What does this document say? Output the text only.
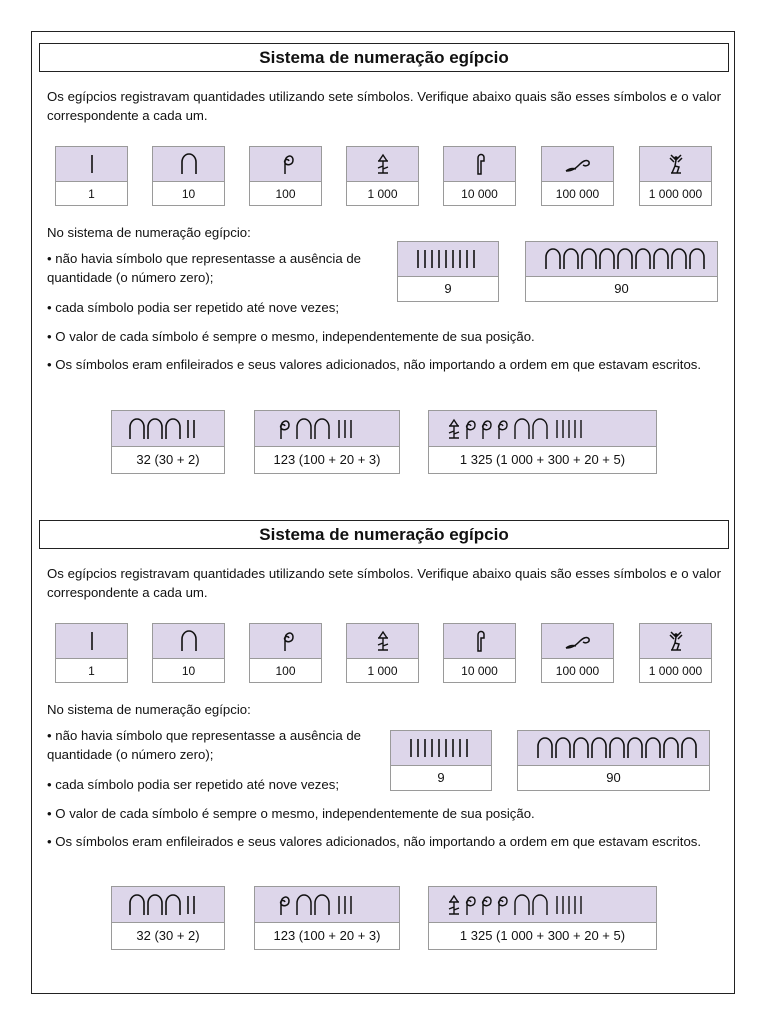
Sistema de numeração egípcio
Os egípcios registravam quantidades utilizando sete símbolos. Verifique abaixo quais são esses símbolos e o valor correspondente a cada um.
1	10	100	1 000	10 000	100 000	1 000 000
No sistema de numeração egípcio:
• não havia símbolo que representasse a ausência de quantidade (o número zero);
• cada símbolo podia ser repetido até nove vezes;
• O valor de cada símbolo é sempre o mesmo, independentemente de sua posição.
• Os símbolos eram enfileirados e seus valores adicionados, não importando a ordem em que estavam escritos.
9	90
32 (30 + 2)	123 (100 + 20 + 3)	1 325 (1 000 + 300 + 20 + 5)
Sistema de numeração egípcio
Os egípcios registravam quantidades utilizando sete símbolos. Verifique abaixo quais são esses símbolos e o valor correspondente a cada um.
1	10	100	1 000	10 000	100 000	1 000 000
No sistema de numeração egípcio:
• não havia símbolo que representasse a ausência de quantidade (o número zero);
• cada símbolo podia ser repetido até nove vezes;
• O valor de cada símbolo é sempre o mesmo, independentemente de sua posição.
• Os símbolos eram enfileirados e seus valores adicionados, não importando a ordem em que estavam escritos.
9	90
32 (30 + 2)	123 (100 + 20 + 3)	1 325 (1 000 + 300 + 20 + 5)
